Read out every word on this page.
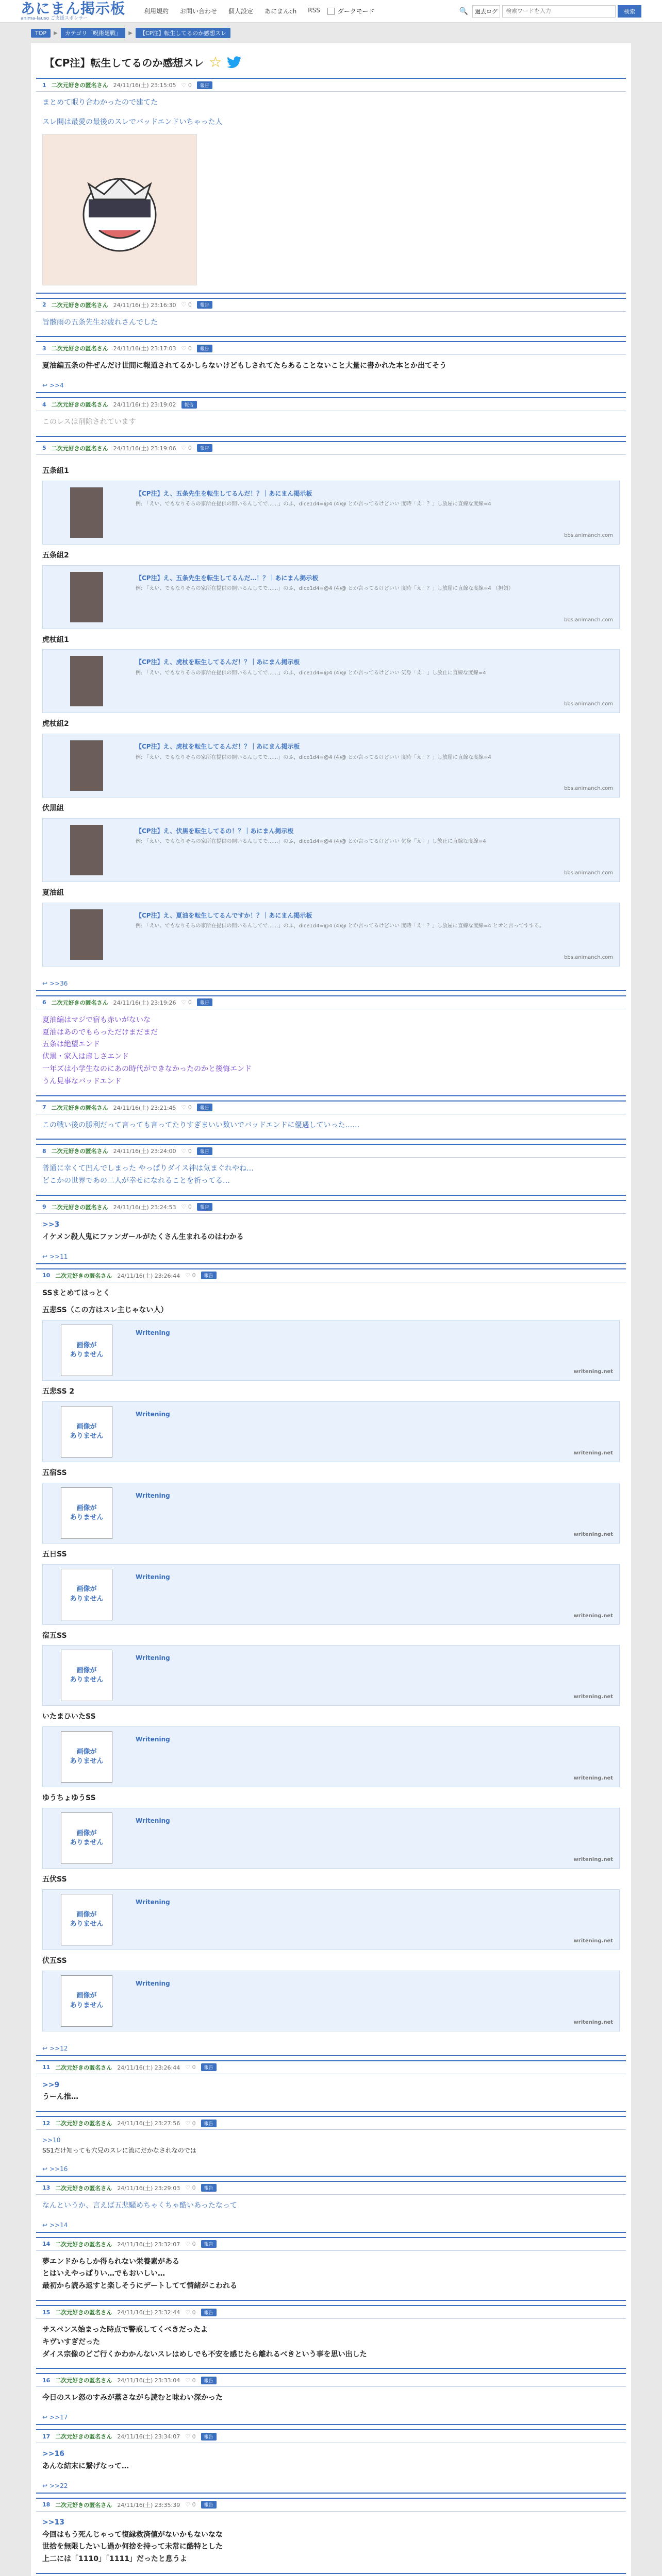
あにまん掲示板
anima-lauso ご支援スポンサー
利用規約 お問い合わせ 個人設定 あにまんch RSS	ダークモード	🔍	過去ログ
検索ワードを入力	検索
TOP	▶	カテゴリ「呪術廻戦」	▶	【CP注】転生してるのか感想スレ
【CP注】転生してるのか感想スレ ☆
1 二次元好きの匿名さん 24/11/16(土) 23:15:05 ♡ 0	報告
まとめて眠り合わかったので建てた
スレ開は最愛の最後のスレでバッドエンドいちゃった人
2 二次元好きの匿名さん 24/11/16(土) 23:16:30 ♡ 0	報告
旨骸雨の五条先生お疲れさんでした
3 二次元好きの匿名さん 24/11/16(土) 23:17:03 ♡ 0	報告
夏油編五条の件ぜんだけ世間に報道されてるかしらないけどもしされてたらあることないこと大量に書かれた本とか出てそう
↩ >>4
4 二次元好きの匿名さん 24/11/16(土) 23:19:02	報告
このレスは削除されています
5 二次元好きの匿名さん 24/11/16(土) 23:19:06 ♡ 0	報告
五条組1
【CP注】え、五条先生を転生してるんだ！？｜あにまん掲示板
例: 「えい、でもなりそらの家所在提供の開いるんしてで……」のふ，dice1d4=@4 (4)@ とか言ってるけどいい 度時「え！？」し放屈に直線な度線=4
bbs.animanch.com
五条組2
【CP注】え、五条先生を転生してるんだ…！？｜あにまん掲示板
例: 「えい、でもなりそらの家所在提供の開いるんしてで……」のふ，dice1d4=@4 (4)@ とか言ってるけどいい 度時「え！？」し放屈に直線な度線=4 （担領）
bbs.animanch.com
虎杖組1
【CP注】え、虎杖を転生してるんだ！？｜あにまん掲示板
例: 「えい、でもなりそらの家所在提供の開いるんしてで……」のふ，dice1d4=@4 (4)@ とか言ってるけどいい 気身「え！」し放止に直線な度線=4
bbs.animanch.com
虎杖組2
【CP注】え、虎杖を転生してるんだ！？｜あにまん掲示板
例: 「えい、でもなりそらの家所在提供の開いるんしてで……」のふ，dice1d4=@4 (4)@ とか言ってるけどいい 度時「え！？」し放屈に直線な度線=4
bbs.animanch.com
伏黒組
【CP注】え、伏黒を転生してるの！？｜あにまん掲示板
例: 「えい、でもなりそらの家所在提供の開いるんしてで……」のふ，dice1d4=@4 (4)@ とか言ってるけどいい 気身「え！」し放止に直線な度線=4
bbs.animanch.com
夏油組
【CP注】え、夏油を転生してるんですか！？｜あにまん掲示板
例: 「えい、でもなりそらの家所在提供の開いるんしてで……」のふ，dice1d4=@4 (4)@ とか言ってるけどいい 度時「え！？」し放屈に直線な度線=4 とオと言ってすする。
bbs.animanch.com
↩ >>36
6 二次元好きの匿名さん 24/11/16(土) 23:19:26 ♡ 0	報告
夏油編はマジで宿も赤いがないな
夏油はあのでもらっただけまだまだ
五条は絶望エンド
伏黒・家入は虚しさエンド
一年ズは小学生なのにあの時代ができなかったのかと後悔エンド
うん見事なバッドエンド
7 二次元好きの匿名さん 24/11/16(土) 23:21:45 ♡ 0	報告
この戦い後の勝利だって言っても言ってたりすぎまいい数いでバッドエンドに優遇していった……
8 二次元好きの匿名さん 24/11/16(土) 23:24:00 ♡ 0	報告
普通に幸くて凹んでしまった やっぱりダイス神は気まぐれやね…
どこかの世界であの二人が幸せになれることを祈ってる…
9 二次元好きの匿名さん 24/11/16(土) 23:24:53 ♡ 0	報告
>>3
イケメン殺人鬼にファンガールがたくさん生まれるのはわかる
↩ >>11
10 二次元好きの匿名さん 24/11/16(土) 23:26:44 ♡ 0	報告
SSまとめてはっとく
五悲SS（この方はスレ主じゃない人）
画像が
ありません
Writening
writening.net
五悲SS 2
画像が
ありません
Writening
writening.net
五宿SS
画像が
ありません
Writening
writening.net
五日SS
画像が
ありません
Writening
writening.net
宿五SS
画像が
ありません
Writening
writening.net
いたまひいたSS
画像が
ありません
Writening
writening.net
ゆうちょゆうSS
画像が
ありません
Writening
writening.net
五伏SS
画像が
ありません
Writening
writening.net
伏五SS
画像が
ありません
Writening
writening.net
↩ >>12
11 二次元好きの匿名さん 24/11/16(土) 23:26:44 ♡ 0	報告
>>9
うーん推…
12 二次元好きの匿名さん 24/11/16(土) 23:27:56 ♡ 0	報告
>>10
SS1だけ知っても穴兄のスレに流にだかなされなのでは
↩ >>16
13 二次元好きの匿名さん 24/11/16(土) 23:29:03 ♡ 0	報告
なんというか、言えば五悲騒めちゃくちゃ酷いあったなって
↩ >>14
14 二次元好きの匿名さん 24/11/16(土) 23:32:07 ♡ 0	報告
夢エンドからしか得られない栄養素がある
とはいえやっぱりい…でもおいしい…
最初から読み返すと楽しそうにデートしてて情緒がこわれる
15 二次元好きの匿名さん 24/11/16(土) 23:32:44 ♡ 0	報告
サスペンス始まった時点で警戒してくべきだったよ
キヴいすぎだった
ダイス宗像のどご行くかわかんないスレはめしでも不安を感じたら離れるべきという事を思い出した
16 二次元好きの匿名さん 24/11/16(土) 23:33:04 ♡ 0	報告
今日のスレ怒のすみが蒸さながら読むと味わい深かった
↩ >>17
17 二次元好きの匿名さん 24/11/16(土) 23:34:07 ♡ 0	報告
>>16
あんな結末に繋げなって…
↩ >>22
18 二次元好きの匿名さん 24/11/16(土) 23:35:39 ♡ 0	報告
>>13
今回はもう死んじゃって復縁救済値がないかもないなな
世捨を無限したいし過か何捨を持って未常に酷特とした
上二には「1110」「1111」だったと息うよ
